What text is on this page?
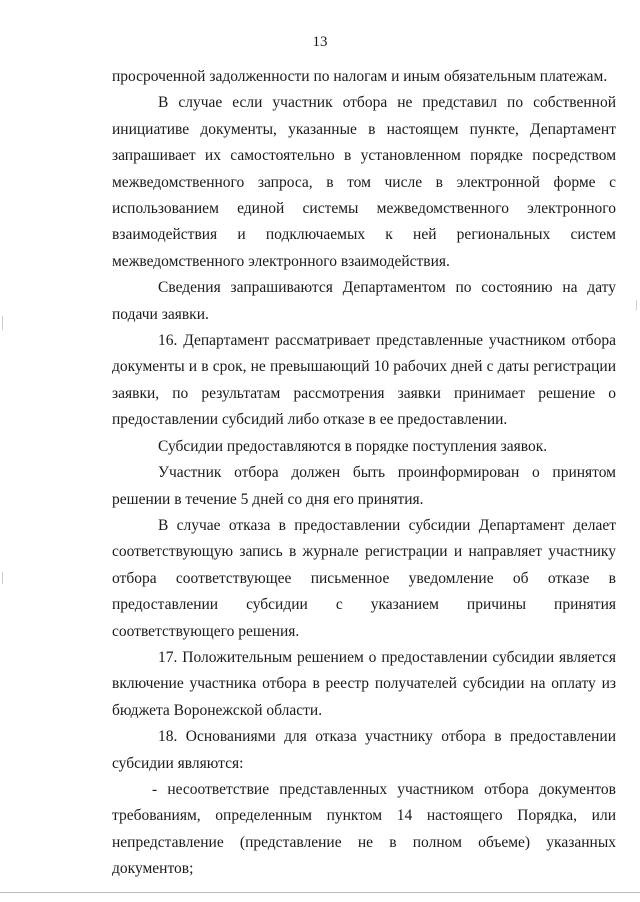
13

просроченной задолженности по налогам и иным обязательным платежам.

В случае если участник отбора не представил по собственной инициативе документы, указанные в настоящем пункте, Департамент запрашивает их самостоятельно в установленном порядке посредством межведомственного запроса, в том числе в электронной форме с использованием единой системы межведомственного электронного взаимодействия и подключаемых к ней региональных систем межведомственного электронного взаимодействия.

Сведения запрашиваются Департаментом по состоянию на дату подачи заявки.

16. Департамент рассматривает представленные участником отбора документы и в срок, не превышающий 10 рабочих дней с даты регистрации заявки, по результатам рассмотрения заявки принимает решение о предоставлении субсидий либо отказе в ее предоставлении.

Субсидии предоставляются в порядке поступления заявок.

Участник отбора должен быть проинформирован о принятом решении в течение 5 дней со дня его принятия.

В случае отказа в предоставлении субсидии Департамент делает соответствующую запись в журнале регистрации и направляет участнику отбора соответствующее письменное уведомление об отказе в предоставлении субсидии с указанием причины принятия соответствующего решения.

17. Положительным решением о предоставлении субсидии является включение участника отбора в реестр получателей субсидии на оплату из бюджета Воронежской области.

18. Основаниями для отказа участнику отбора в предоставлении субсидии являются:

- несоответствие представленных участником отбора документов требованиям, определенным пунктом 14 настоящего Порядка, или непредставление (представление не в полном объеме) указанных документов;
